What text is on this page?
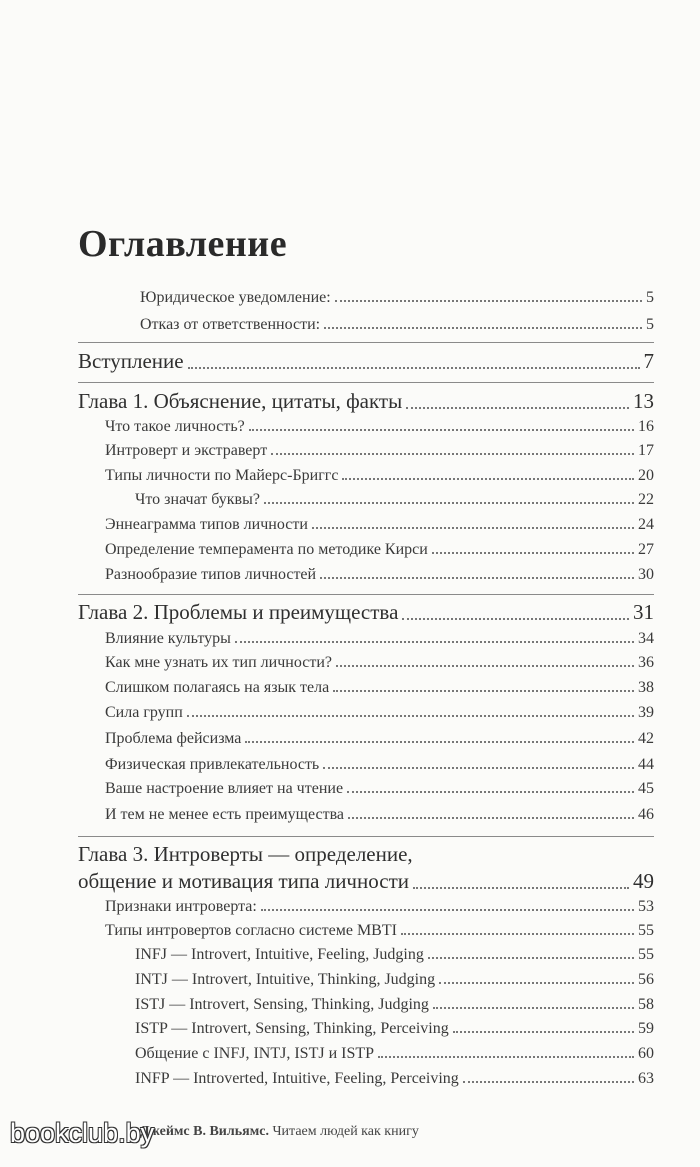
Оглавление
Юридическое уведомление:	5
Отказ от ответственности:	5
Вступление	7
Глава 1. Объяснение, цитаты, факты	13
Что такое личность?	16
Интроверт и экстраверт	17
Типы личности по Майерс-Бриггс	20
Что значат буквы?	22
Эннеаграмма типов личности	24
Определение темперамента по методике Кирси	27
Разнообразие типов личностей	30
Глава 2. Проблемы и преимущества	31
Влияние культуры	34
Как мне узнать их тип личности?	36
Слишком полагаясь на язык тела	38
Сила групп	39
Проблема фейсизма	42
Физическая привлекательность	44
Ваше настроение влияет на чтение	45
И тем не менее есть преимущества	46
Глава 3. Интроверты — определение,
общение и мотивация типа личности	49
Признаки интроверта:	53
Типы интровертов согласно системе MBTI	55
INFJ — Introvert, Intuitive, Feeling, Judging	55
INTJ — Introvert, Intuitive, Thinking, Judging	56
ISTJ — Introvert, Sensing, Thinking, Judging	58
ISTP — Introvert, Sensing, Thinking, Perceiving	59
Общение с INFJ, INTJ, ISTJ и ISTP	60
INFP — Introverted, Intuitive, Feeling, Perceiving	63
Джеймс В. Вильямс. Читаем людей как книгу
bookclub.by
